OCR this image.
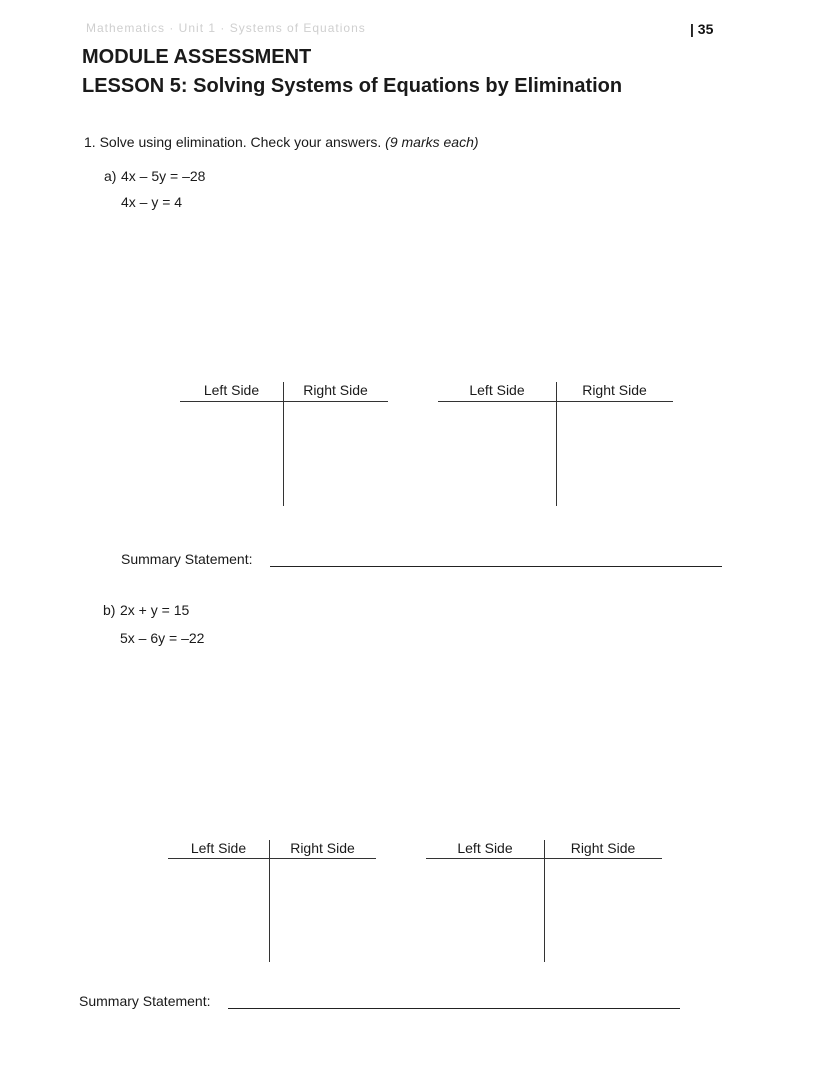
Mathematics · Unit 1 · Systems of Equations	| 35
MODULE ASSESSMENT
LESSON 5: Solving Systems of Equations by Elimination
1. Solve using elimination. Check your answers. (9 marks each)
a) 4x – 5y = –28
4x – y = 4
Left Side	Right Side	Left Side	Right Side
Summary Statement:
b) 2x + y = 15
5x – 6y = –22
Left Side	Right Side	Left Side	Right Side
Summary Statement:
